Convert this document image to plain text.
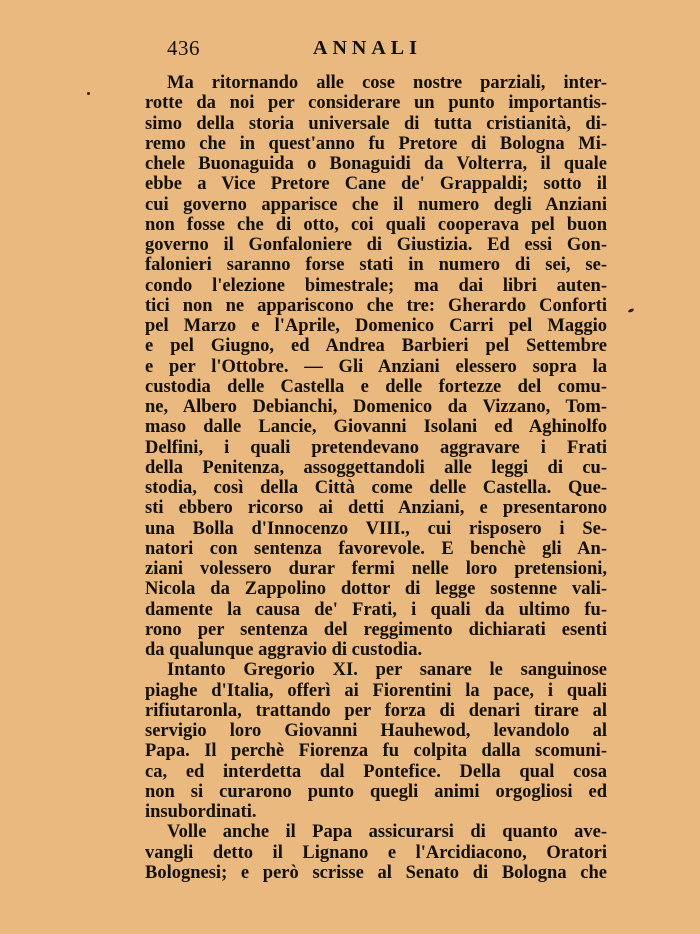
436	ANNALI
Ma ritornando alle cose nostre parziali, inter-
rotte da noi per considerare un punto importantis-
simo della storia universale di tutta cristianità, di-
remo che in quest'anno fu Pretore di Bologna Mi-
chele Buonaguida o Bonaguidi da Volterra, il quale
ebbe a Vice Pretore Cane de' Grappaldi; sotto il
cui governo apparisce che il numero degli Anziani
non fosse che di otto, coi quali cooperava pel buon
governo il Gonfaloniere di Giustizia. Ed essi Gon-
falonieri saranno forse stati in numero di sei, se-
condo l'elezione bimestrale; ma dai libri auten-
tici non ne appariscono che tre: Gherardo Conforti
pel Marzo e l'Aprile, Domenico Carri pel Maggio
e pel Giugno, ed Andrea Barbieri pel Settembre
e per l'Ottobre. — Gli Anziani elessero sopra la
custodia delle Castella e delle fortezze del comu-
ne, Albero Debianchi, Domenico da Vizzano, Tom-
maso dalle Lancie, Giovanni Isolani ed Aghinolfo
Delfini, i quali pretendevano aggravare i Frati
della Penitenza, assoggettandoli alle leggi di cu-
stodia, così della Città come delle Castella. Que-
sti ebbero ricorso ai detti Anziani, e presentarono
una Bolla d'Innocenzo VIII., cui risposero i Se-
natori con sentenza favorevole. E benchè gli An-
ziani volessero durar fermi nelle loro pretensioni,
Nicola da Zappolino dottor di legge sostenne vali-
damente la causa de' Frati, i quali da ultimo fu-
rono per sentenza del reggimento dichiarati esenti
da qualunque aggravio di custodia.
Intanto Gregorio XI. per sanare le sanguinose
piaghe d'Italia, offerì ai Fiorentini la pace, i quali
rifiutaronla, trattando per forza di denari tirare al
servigio loro Giovanni Hauhewod, levandolo al
Papa. Il perchè Fiorenza fu colpita dalla scomuni-
ca, ed interdetta dal Pontefice. Della qual cosa
non si curarono punto quegli animi orgogliosi ed
insubordinati.
Volle anche il Papa assicurarsi di quanto ave-
vangli detto il Lignano e l'Arcidiacono, Oratori
Bolognesi; e però scrisse al Senato di Bologna che
